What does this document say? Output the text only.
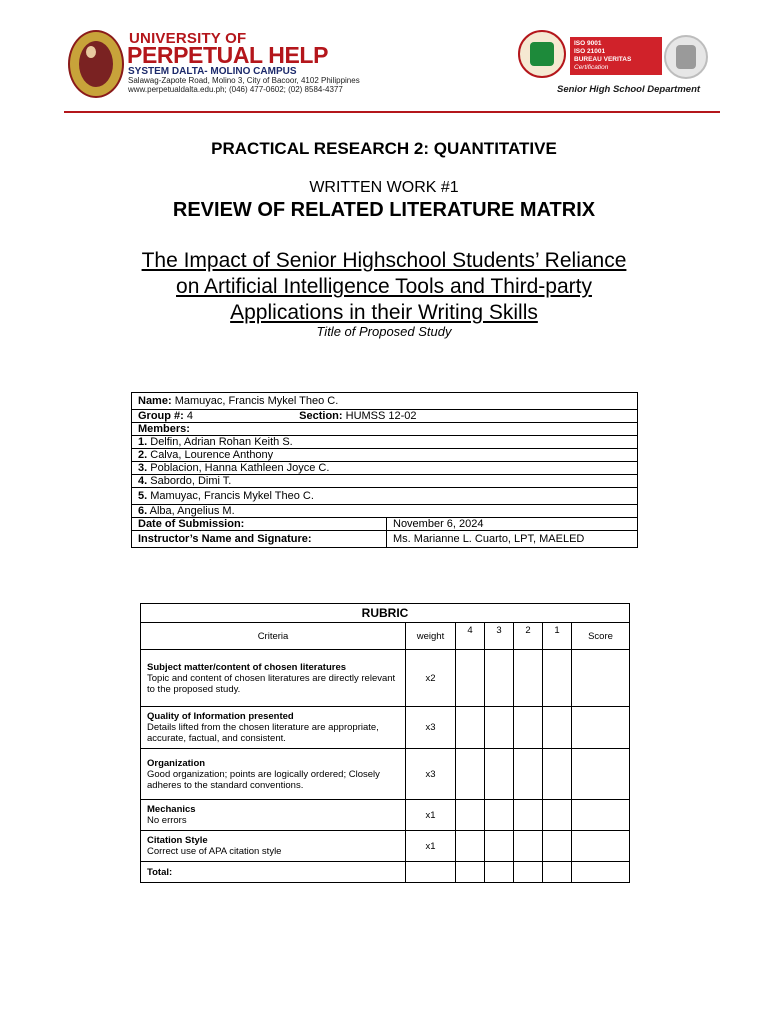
UNIVERSITY OF
PERPETUAL HELP
SYSTEM DALTA- MOLINO CAMPUS
Salawag-Zapote Road, Molino 3, City of Bacoor, 4102 Philippines
www.perpetualdalta.edu.ph; (046) 477-0602; (02) 8584-4377
ISO 9001
ISO 21001
BUREAU VERITAS
Certification
Senior High School Department
PRACTICAL RESEARCH 2: QUANTITATIVE
WRITTEN WORK #1
REVIEW OF RELATED LITERATURE MATRIX
The Impact of Senior Highschool Students’ Reliance
on Artificial Intelligence Tools and Third-party
Applications in their Writing Skills
Title of Proposed Study
Name: Mamuyac, Francis Mykel Theo C.	
Group #: 4 Section: HUMSS 12-02	
Members:	
1. Delfin, Adrian Rohan Keith S.	
2. Calva, Lourence Anthony	
3. Poblacion, Hanna Kathleen Joyce C.	
4. Sabordo, Dimi T.	
5. Mamuyac, Francis Mykel Theo C.	
6. Alba, Angelius M.	
Date of Submission:	November 6, 2024
Instructor’s Name and Signature:	Ms. Marianne L. Cuarto, LPT, MAELED
RUBRIC						
Criteria	weight	4	3	2	1	Score
Subject matter/content of chosen literatures
Topic and content of chosen literatures are directly relevant to the proposed study.	x2					
Quality of Information presented
Details lifted from the chosen literature are appropriate, accurate, factual, and consistent.	x3					
Organization
Good organization; points are logically ordered; Closely adheres to the standard conventions.	x3					
Mechanics
No errors	x1					
Citation Style
Correct use of APA citation style	x1					
Total:						
